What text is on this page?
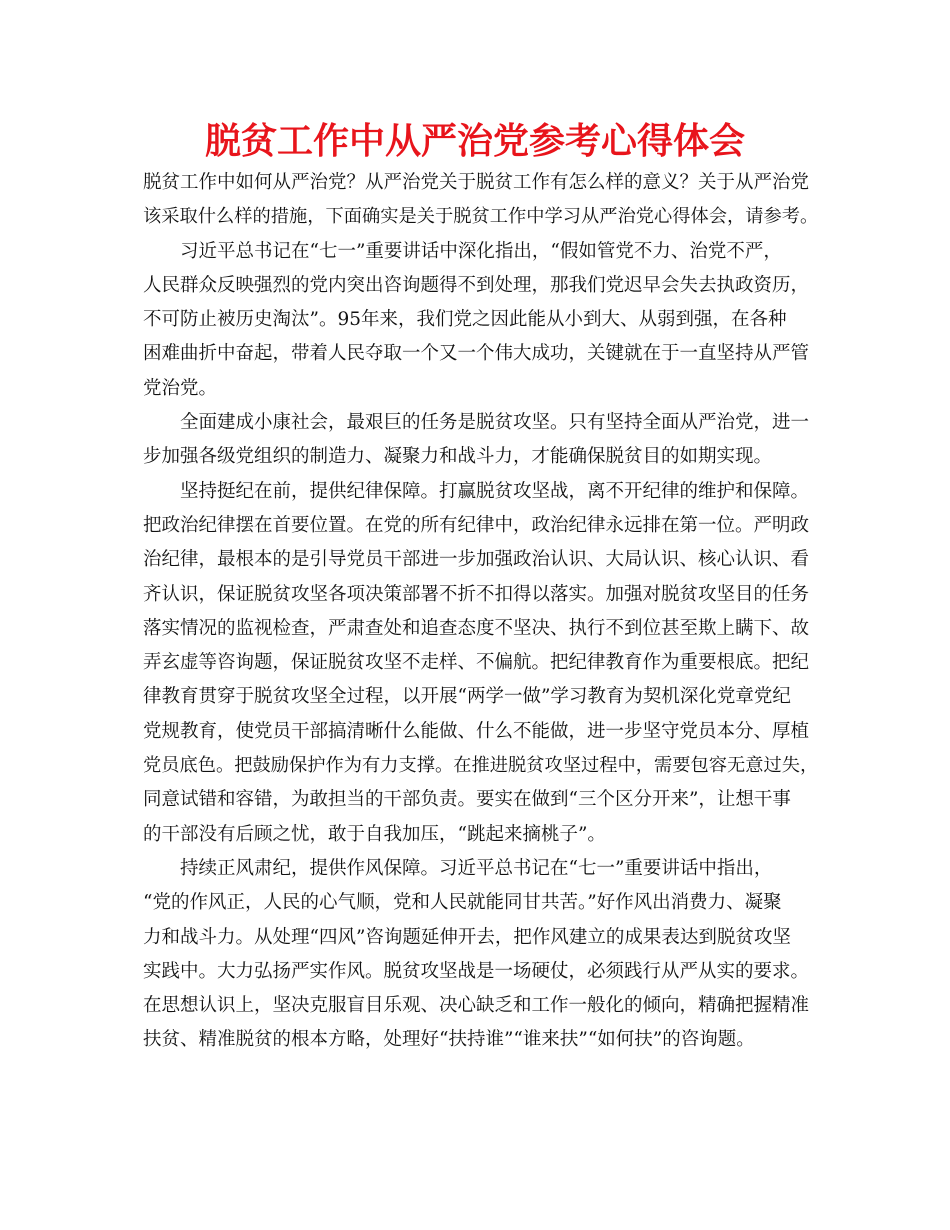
脱贫工作中从严治党参考心得体会

脱贫工作中如何从严治党？从严治党关于脱贫工作有怎么样的意义？关于从严治党
该采取什么样的措施，下面确实是关于脱贫工作中学习从严治党心得体会，请参考。

习近平总书记在“七一”重要讲话中深化指出，“假如管党不力、治党不严，
人民群众反映强烈的党内突出咨询题得不到处理，那我们党迟早会失去执政资历，
不可防止被历史淘汰”。95年来，我们党之因此能从小到大、从弱到强，在各种
困难曲折中奋起，带着人民夺取一个又一个伟大成功，关键就在于一直坚持从严管
党治党。

全面建成小康社会，最艰巨的任务是脱贫攻坚。只有坚持全面从严治党，进一
步加强各级党组织的制造力、凝聚力和战斗力，才能确保脱贫目的如期实现。

坚持挺纪在前，提供纪律保障。打赢脱贫攻坚战，离不开纪律的维护和保障。
把政治纪律摆在首要位置。在党的所有纪律中，政治纪律永远排在第一位。严明政
治纪律，最根本的是引导党员干部进一步加强政治认识、大局认识、核心认识、看
齐认识，保证脱贫攻坚各项决策部署不折不扣得以落实。加强对脱贫攻坚目的任务
落实情况的监视检查，严肃查处和追查态度不坚决、执行不到位甚至欺上瞒下、故
弄玄虚等咨询题，保证脱贫攻坚不走样、不偏航。把纪律教育作为重要根底。把纪
律教育贯穿于脱贫攻坚全过程，以开展“两学一做”学习教育为契机深化党章党纪
党规教育，使党员干部搞清晰什么能做、什么不能做，进一步坚守党员本分、厚植
党员底色。把鼓励保护作为有力支撑。在推进脱贫攻坚过程中，需要包容无意过失，
同意试错和容错，为敢担当的干部负责。要实在做到“三个区分开来”，让想干事
的干部没有后顾之忧，敢于自我加压，“跳起来摘桃子”。

持续正风肃纪，提供作风保障。习近平总书记在“七一”重要讲话中指出，
“党的作风正，人民的心气顺，党和人民就能同甘共苦。”好作风出消费力、凝聚
力和战斗力。从处理“四风”咨询题延伸开去，把作风建立的成果表达到脱贫攻坚
实践中。大力弘扬严实作风。脱贫攻坚战是一场硬仗，必须践行从严从实的要求。
在思想认识上，坚决克服盲目乐观、决心缺乏和工作一般化的倾向，精确把握精准
扶贫、精准脱贫的根本方略，处理好“扶持谁”“谁来扶”“如何扶”的咨询题。
